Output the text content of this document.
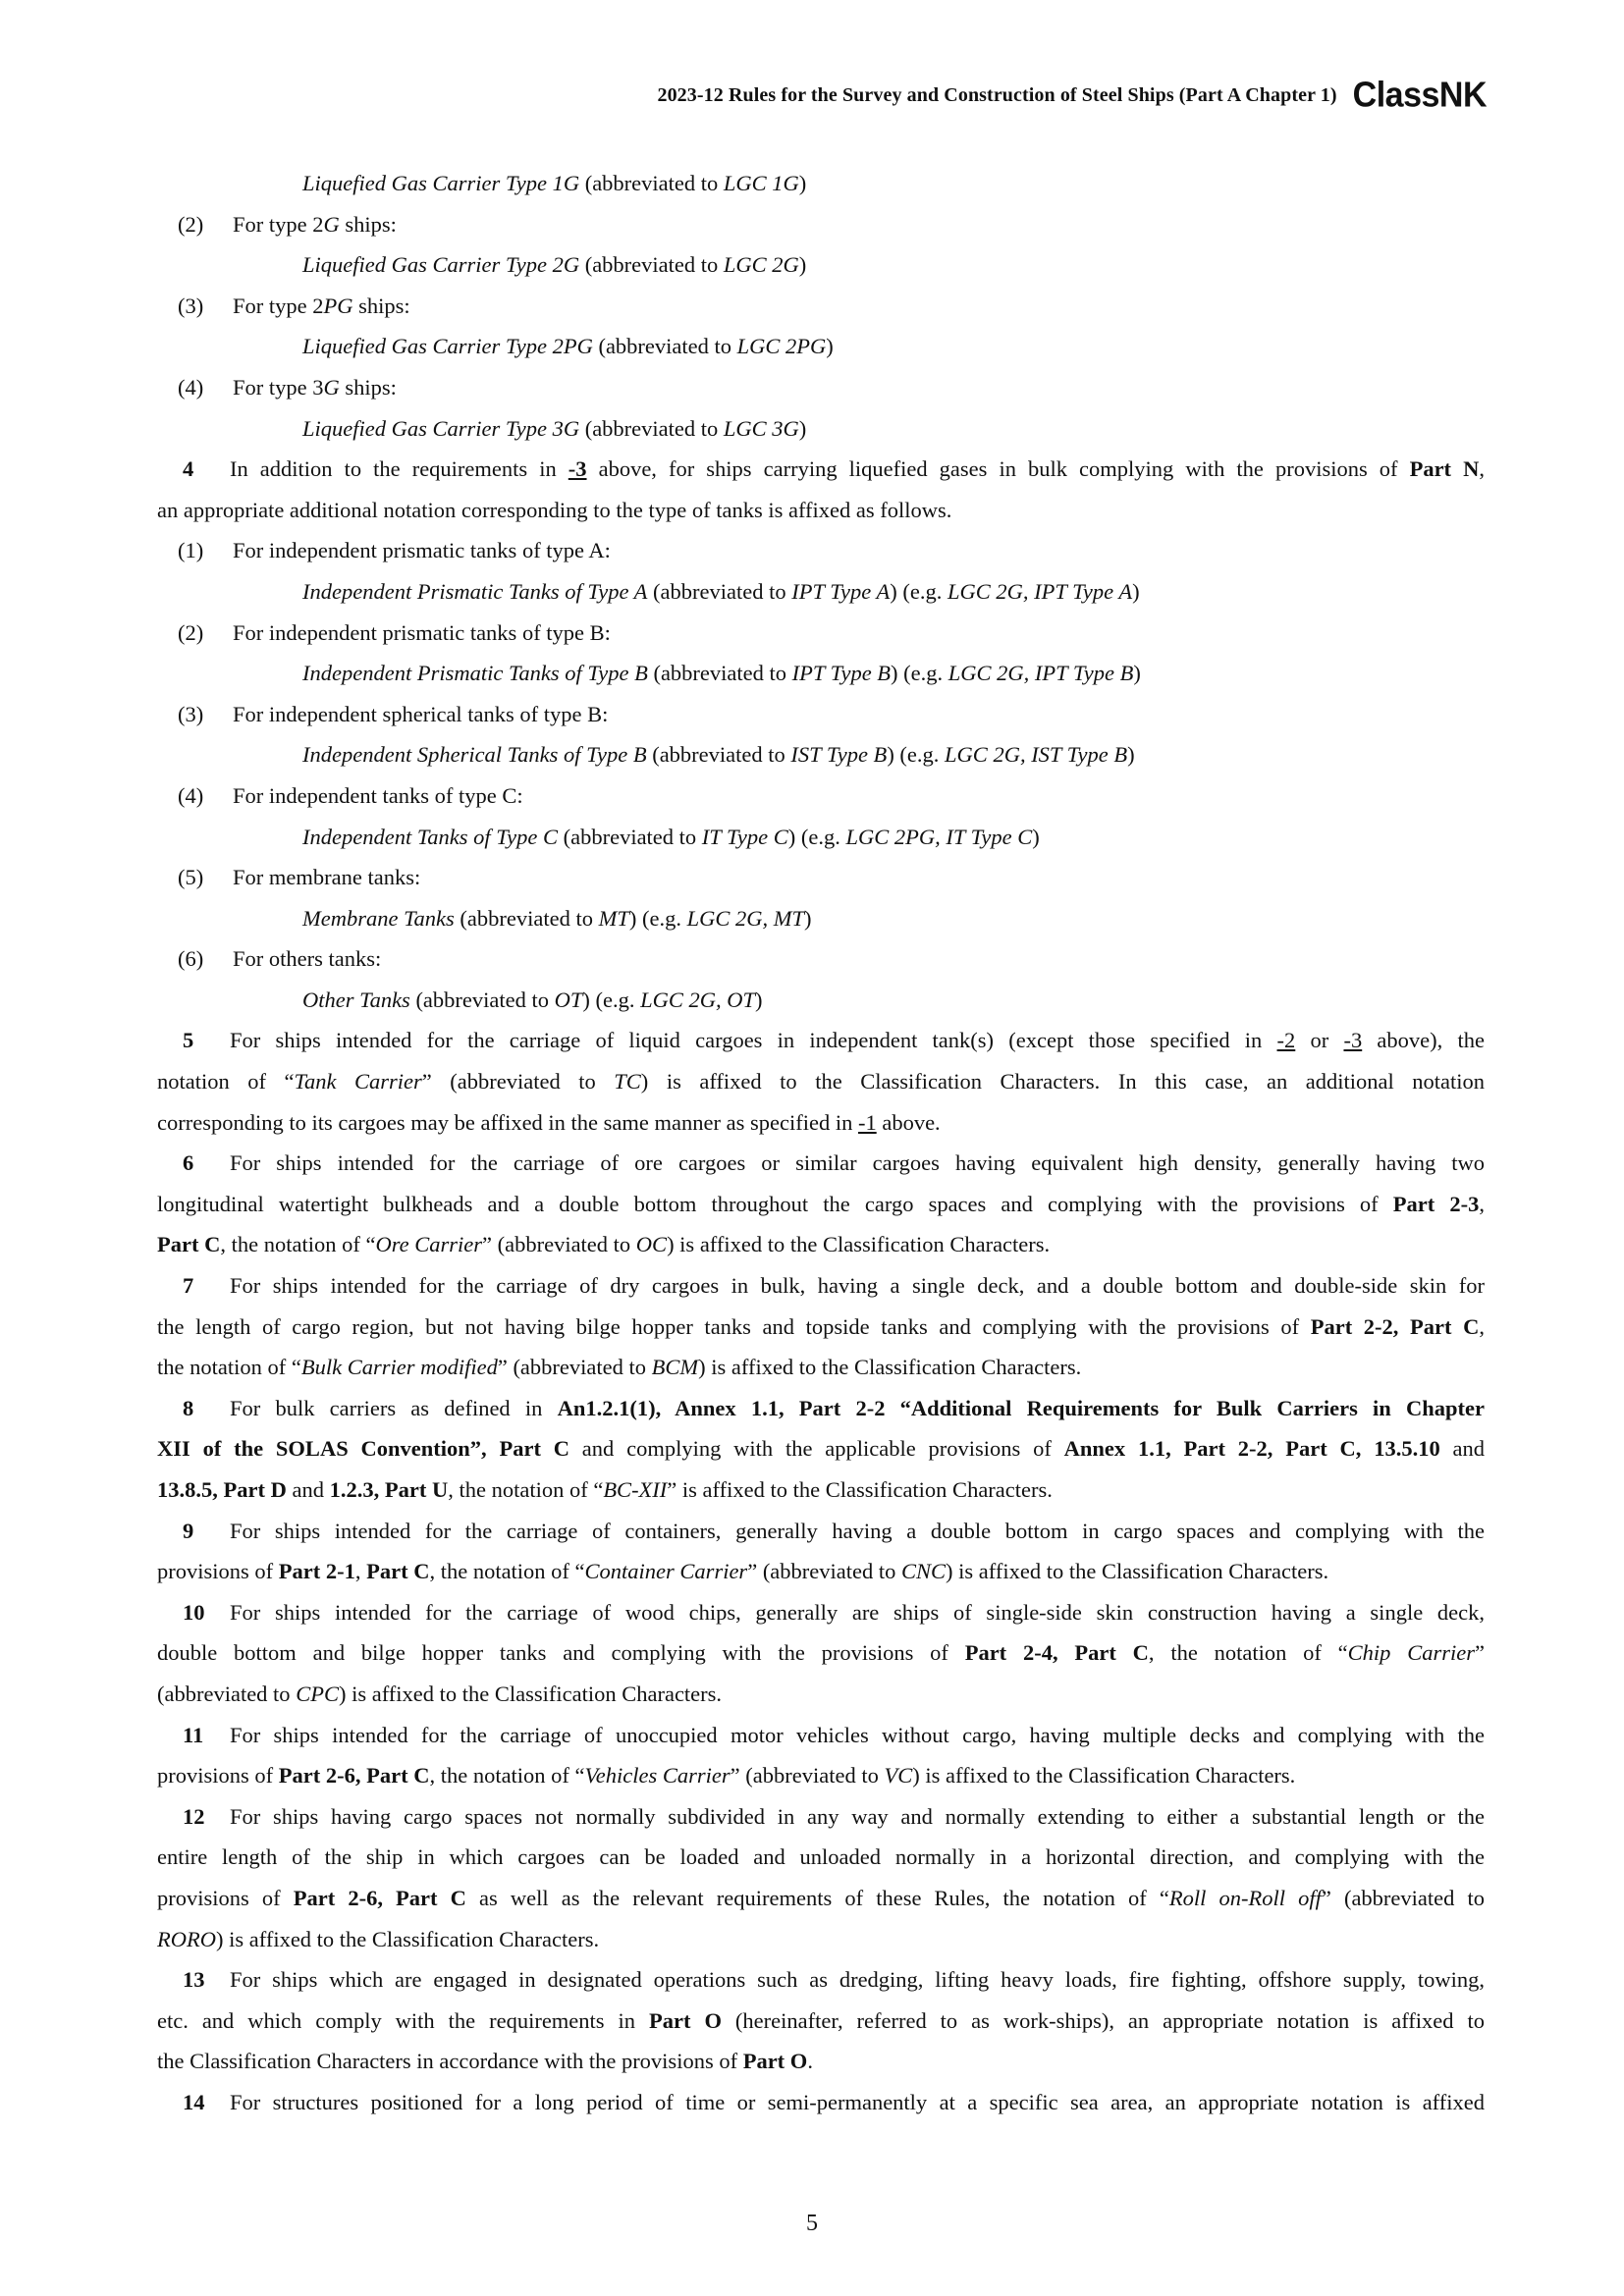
2023-12 Rules for the Survey and Construction of Steel Ships (Part A Chapter 1) ClassNK
Liquefied Gas Carrier Type 1G (abbreviated to LGC 1G)
(2) For type 2G ships:
Liquefied Gas Carrier Type 2G (abbreviated to LGC 2G)
(3) For type 2PG ships:
Liquefied Gas Carrier Type 2PG (abbreviated to LGC 2PG)
(4) For type 3G ships:
Liquefied Gas Carrier Type 3G (abbreviated to LGC 3G)
4 In addition to the requirements in -3 above, for ships carrying liquefied gases in bulk complying with the provisions of Part N,
an appropriate additional notation corresponding to the type of tanks is affixed as follows.
(1) For independent prismatic tanks of type A:
Independent Prismatic Tanks of Type A (abbreviated to IPT Type A) (e.g. LGC 2G, IPT Type A)
(2) For independent prismatic tanks of type B:
Independent Prismatic Tanks of Type B (abbreviated to IPT Type B) (e.g. LGC 2G, IPT Type B)
(3) For independent spherical tanks of type B:
Independent Spherical Tanks of Type B (abbreviated to IST Type B) (e.g. LGC 2G, IST Type B)
(4) For independent tanks of type C:
Independent Tanks of Type C (abbreviated to IT Type C) (e.g. LGC 2PG, IT Type C)
(5) For membrane tanks:
Membrane Tanks (abbreviated to MT) (e.g. LGC 2G, MT)
(6) For others tanks:
Other Tanks (abbreviated to OT) (e.g. LGC 2G, OT)
5 For ships intended for the carriage of liquid cargoes in independent tank(s) (except those specified in -2 or -3 above), the
notation of “Tank Carrier” (abbreviated to TC) is affixed to the Classification Characters. In this case, an additional notation
corresponding to its cargoes may be affixed in the same manner as specified in -1 above.
6 For ships intended for the carriage of ore cargoes or similar cargoes having equivalent high density, generally having two
longitudinal watertight bulkheads and a double bottom throughout the cargo spaces and complying with the provisions of Part 2-3,
Part C, the notation of “Ore Carrier” (abbreviated to OC) is affixed to the Classification Characters.
7 For ships intended for the carriage of dry cargoes in bulk, having a single deck, and a double bottom and double-side skin for
the length of cargo region, but not having bilge hopper tanks and topside tanks and complying with the provisions of Part 2-2, Part C,
the notation of “Bulk Carrier modified” (abbreviated to BCM) is affixed to the Classification Characters.
8 For bulk carriers as defined in An1.2.1(1), Annex 1.1, Part 2-2 “Additional Requirements for Bulk Carriers in Chapter
XII of the SOLAS Convention”, Part C and complying with the applicable provisions of Annex 1.1, Part 2-2, Part C, 13.5.10 and
13.8.5, Part D and 1.2.3, Part U, the notation of “BC-XII” is affixed to the Classification Characters.
9 For ships intended for the carriage of containers, generally having a double bottom in cargo spaces and complying with the
provisions of Part 2-1, Part C, the notation of “Container Carrier” (abbreviated to CNC) is affixed to the Classification Characters.
10 For ships intended for the carriage of wood chips, generally are ships of single-side skin construction having a single deck,
double bottom and bilge hopper tanks and complying with the provisions of Part 2-4, Part C, the notation of “Chip Carrier”
(abbreviated to CPC) is affixed to the Classification Characters.
11 For ships intended for the carriage of unoccupied motor vehicles without cargo, having multiple decks and complying with the
provisions of Part 2-6, Part C, the notation of “Vehicles Carrier” (abbreviated to VC) is affixed to the Classification Characters.
12 For ships having cargo spaces not normally subdivided in any way and normally extending to either a substantial length or the
entire length of the ship in which cargoes can be loaded and unloaded normally in a horizontal direction, and complying with the
provisions of Part 2-6, Part C as well as the relevant requirements of these Rules, the notation of “Roll on-Roll off” (abbreviated to
RORO) is affixed to the Classification Characters.
13 For ships which are engaged in designated operations such as dredging, lifting heavy loads, fire fighting, offshore supply, towing,
etc. and which comply with the requirements in Part O (hereinafter, referred to as work-ships), an appropriate notation is affixed to
the Classification Characters in accordance with the provisions of Part O.
14 For structures positioned for a long period of time or semi-permanently at a specific sea area, an appropriate notation is affixed
5
